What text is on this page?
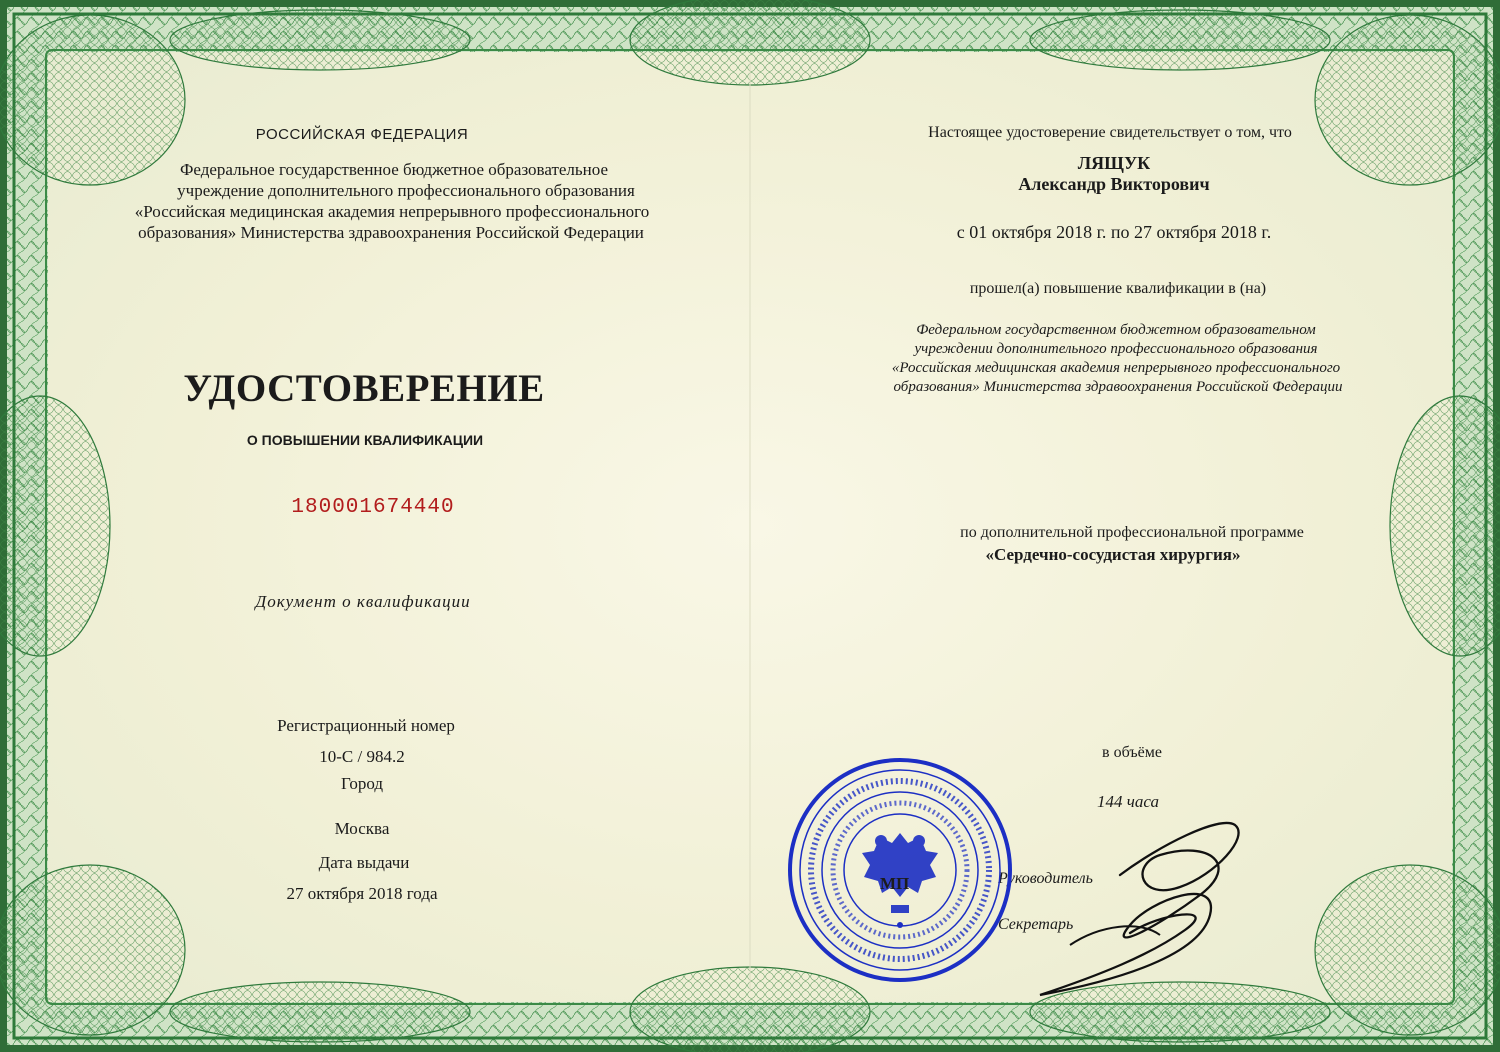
РОССИЙСКАЯ ФЕДЕРАЦИЯ
Федеральное государственное бюджетное образовательное
учреждение дополнительного профессионального образования
«Российская медицинская академия непрерывного профессионального
образования» Министерства здравоохранения Российской Федерации
УДОСТОВЕРЕНИЕ
О ПОВЫШЕНИИ КВАЛИФИКАЦИИ
180001674440
Документ о квалификации
Регистрационный номер
10-С / 984.2
Город
Москва
Дата выдачи
27 октября 2018 года
Настоящее удостоверение свидетельствует о том, что
ЛЯЩУК
Александр Викторович
с 01 октября 2018 г. по 27 октября 2018 г.
прошел(а) повышение квалификации в (на)
Федеральном государственном бюджетном образовательном
учреждении дополнительного профессионального образования
«Российская медицинская академия непрерывного профессионального
образования» Министерства здравоохранения Российской Федерации
по дополнительной профессиональной программе
«Сердечно-сосудистая хирургия»
в объёме
144 часа
Руководитель
Секретарь
МП
